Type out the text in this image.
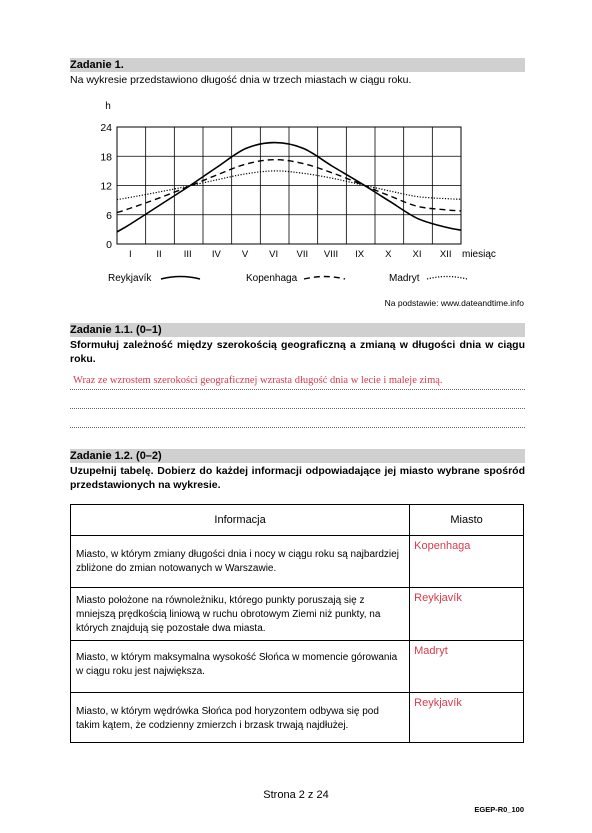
Zadanie 1.
Na wykresie przedstawiono długość dnia w trzech miastach w ciągu roku.
h
miesiąc
0
6
12
18
24
I	II III IV V VI VII VIII IX X XI XII
Reykjavík	Kopenhaga	Madryt
Na podstawie: www.dateandtime.info
Zadanie 1.1. (0–1)
Sformułuj zależność między szerokością geograficzną a zmianą w długości dnia w ciągu roku.
Wraz ze wzrostem szerokości geograficznej wzrasta długość dnia w lecie i maleje zimą.
Zadanie 1.2. (0–2)
Uzupełnij tabelę. Dobierz do każdej informacji odpowiadające jej miasto wybrane spośród przedstawionych na wykresie.
Informacja	Miasto
Miasto, w którym zmiany długości dnia i nocy w ciągu roku są najbardziej zbliżone do zmian notowanych w Warszawie.	Kopenhaga
Miasto położone na równoleżniku, którego punkty poruszają się z mniejszą prędkością liniową w ruchu obrotowym Ziemi niż punkty, na których znajdują się pozostałe dwa miasta.	Reykjavík
Miasto, w którym maksymalna wysokość Słońca w momencie górowania w ciągu roku jest największa.	Madryt
Miasto, w którym wędrówka Słońca pod horyzontem odbywa się pod takim kątem, że codzienny zmierzch i brzask trwają najdłużej.	Reykjavík
Strona 2 z 24
EGEP-R0_100
